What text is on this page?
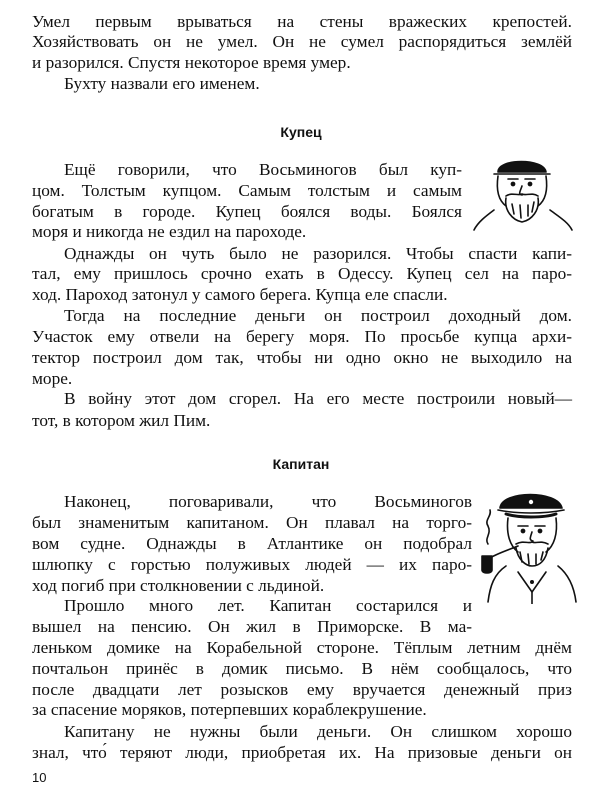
Умел первым врываться на стены вражеских крепостей.
Хозяйствовать он не умел. Он не сумел распорядиться землёй
и разорился. Спустя некоторое время умер.
Бухту назвали его именем.
Купец
Ещё говорили, что Восьминогов был куп-
цом. Толстым купцом. Самым толстым и самым
богатым в городе. Купец боялся воды. Боялся
моря и никогда не ездил на пароходе.
Однажды он чуть было не разорился. Чтобы спасти капи-
тал, ему пришлось срочно ехать в Одессу. Купец сел на паро-
ход. Пароход затонул у самого берега. Купца еле спасли.
Тогда на последние деньги он построил доходный дом.
Участок ему отвели на берегу моря. По просьбе купца архи-
тектор построил дом так, чтобы ни одно окно не выходило на
море.
В войну этот дом сгорел. На его месте построили новый—
тот, в котором жил Пим.
Капитан
Наконец, поговаривали, что Восьминогов
был знаменитым капитаном. Он плавал на торго-
вом судне. Однажды в Атлантике он подобрал
шлюпку с горстью полуживых людей — их паро-
ход погиб при столкновении с льдиной.
Прошло много лет. Капитан состарился и
вышел на пенсию. Он жил в Приморске. В ма-
леньком домике на Корабельной стороне. Тёплым летним днём
почтальон принёс в домик письмо. В нём сообщалось, что
после двадцати лет розысков ему вручается денежный приз
за спасение моряков, потерпевших кораблекрушение.
Капитану не нужны были деньги. Он слишком хорошо
знал, что́ теряют люди, приобретая их. На призовые деньги он
10
